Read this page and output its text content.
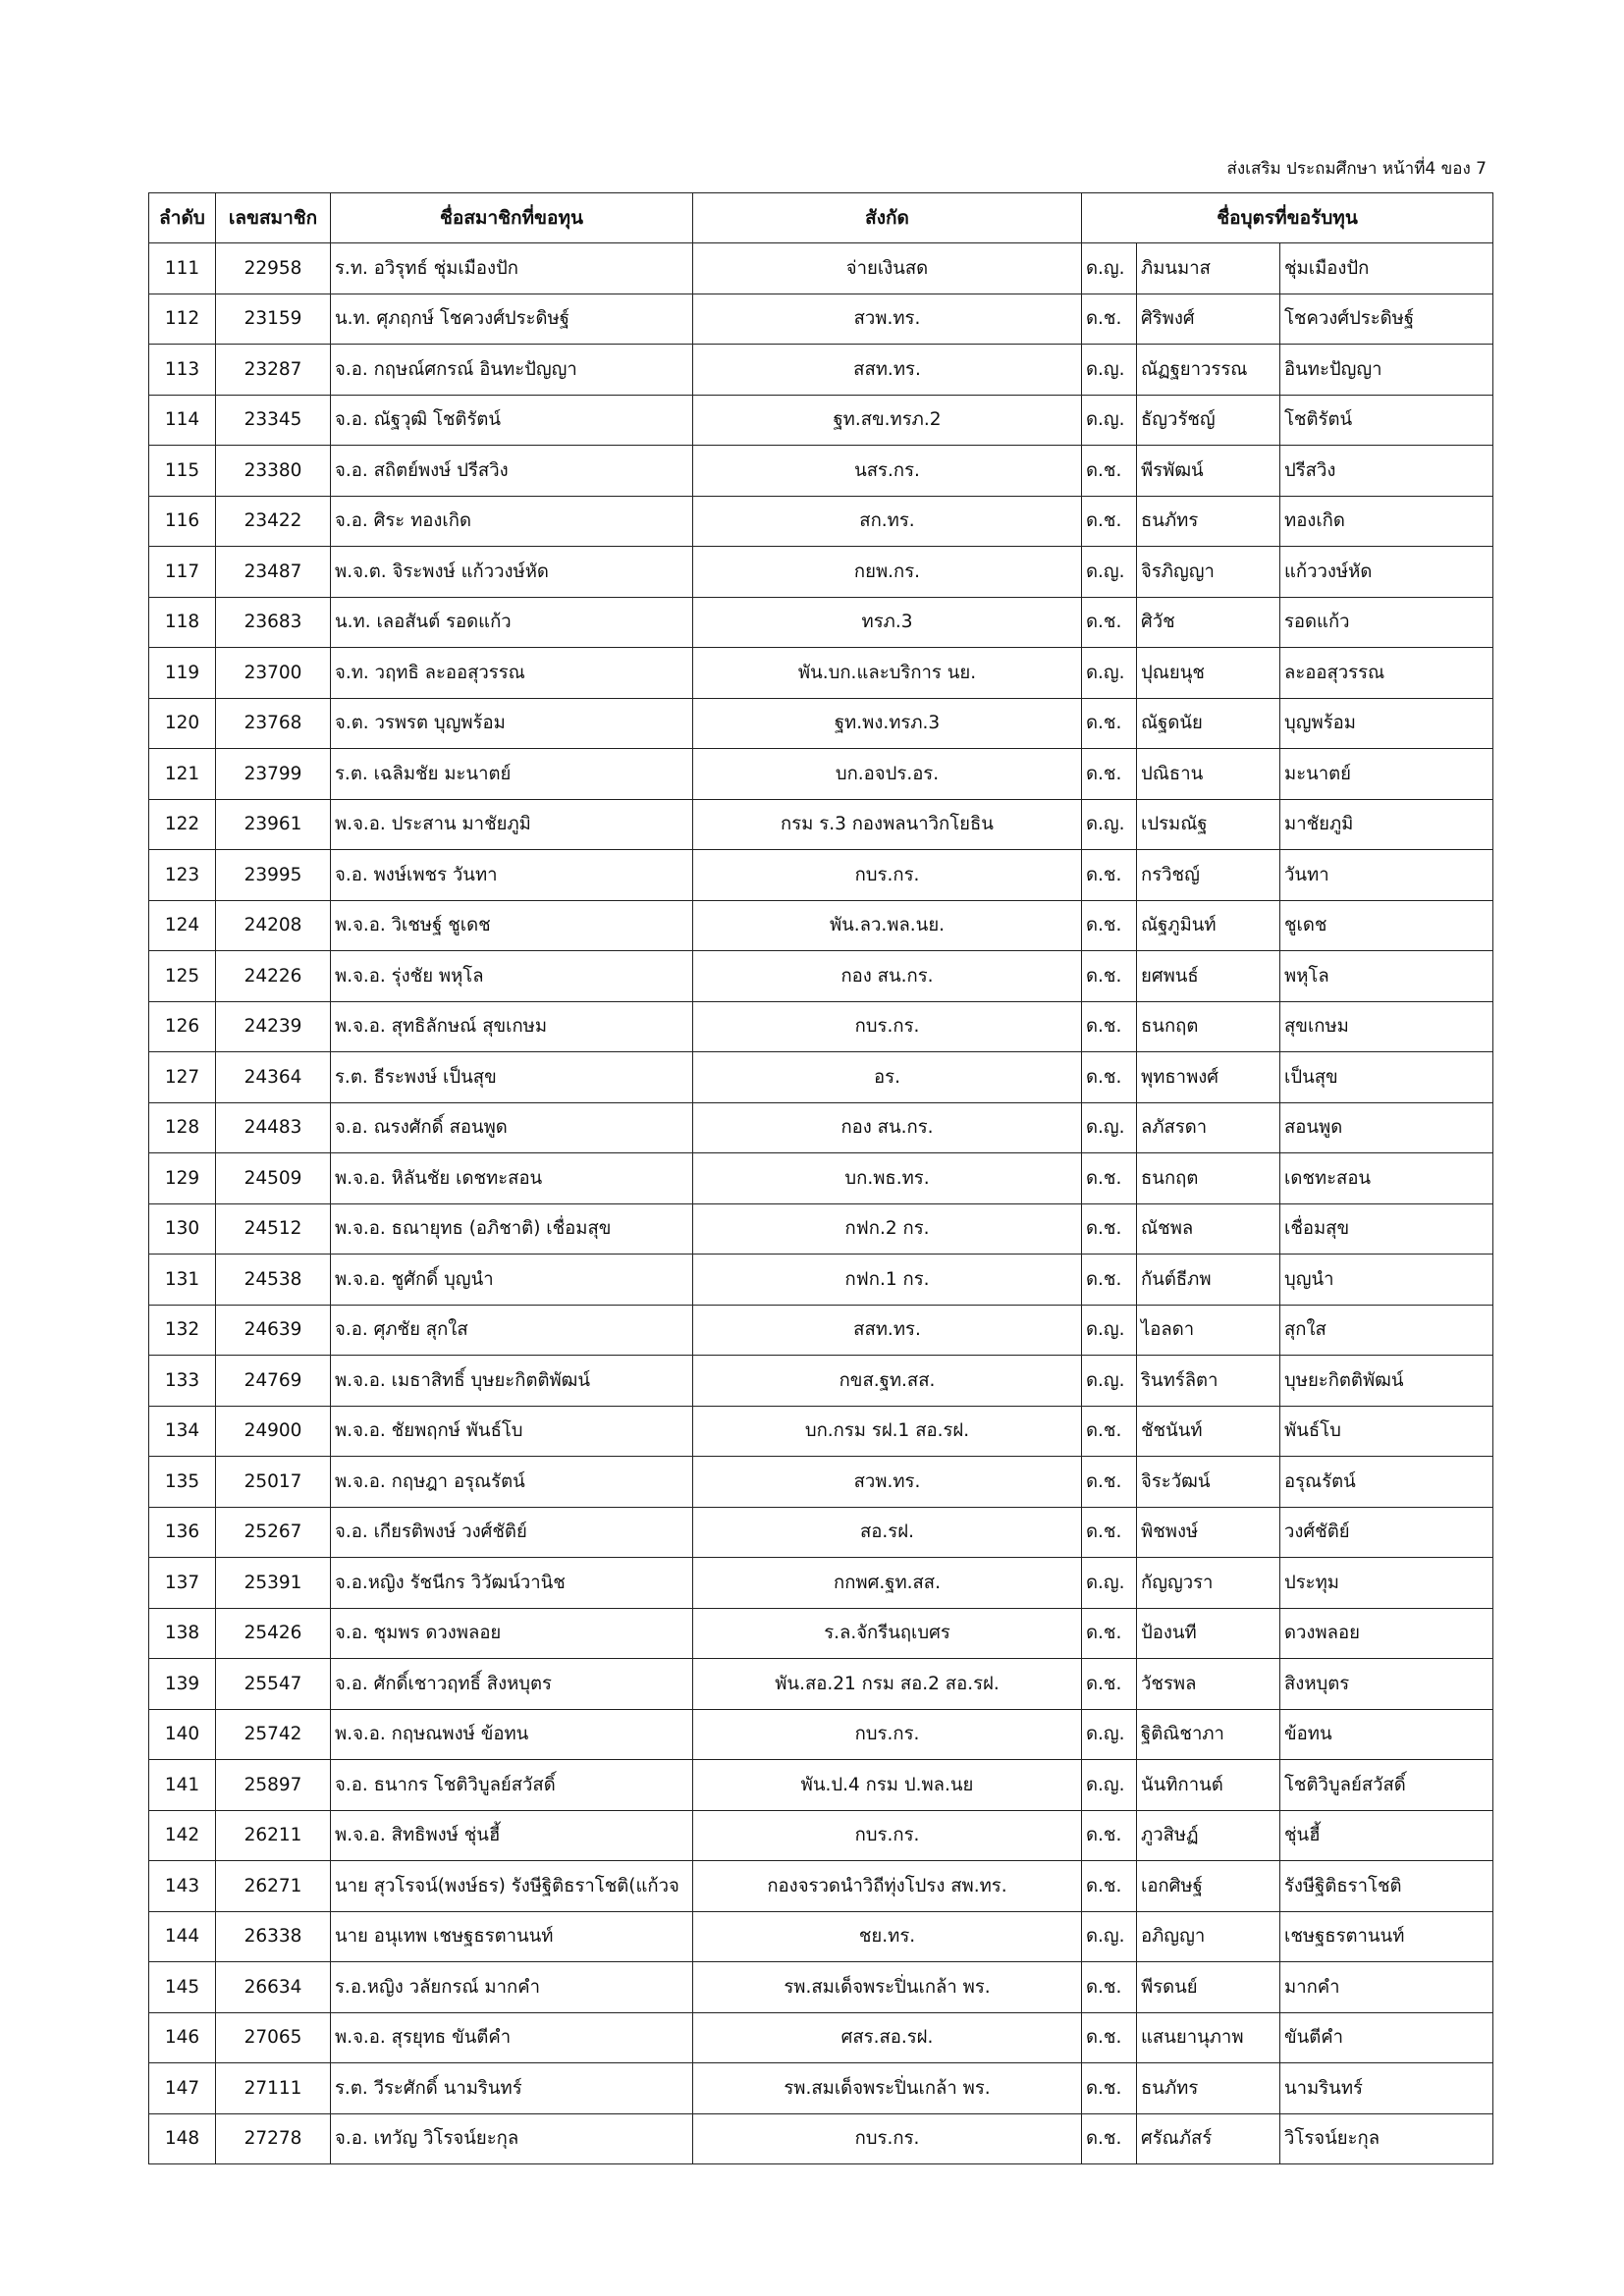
ส่งเสริม ประถมศึกษา หน้าที่4 ของ 7
ลำดับ	เลขสมาชิก	ชื่อสมาชิกที่ขอทุน	สังกัด	ชื่อบุตรที่ขอรับทุน		
111	22958	ร.ท. อวิรุทธ์ ชุ่มเมืองปัก	จ่ายเงินสด	ด.ญ.	ภิมนมาส	ชุ่มเมืองปัก
112	23159	น.ท. ศุภฤกษ์ โชควงศ์ประดิษฐ์	สวพ.ทร.	ด.ช.	ศิริพงศ์	โชควงศ์ประดิษฐ์
113	23287	จ.อ. กฤษณ์ศกรณ์ อินทะปัญญา	สสท.ทร.	ด.ญ.	ณัฏฐยาวรรณ	อินทะปัญญา
114	23345	จ.อ. ณัฐวุฒิ โชติรัตน์	ฐท.สข.ทรภ.2	ด.ญ.	ธัญวรัชญ์	โชติรัตน์
115	23380	จ.อ. สถิตย์พงษ์ ปรีสวิง	นสร.กร.	ด.ช.	พีรพัฒน์	ปรีสวิง
116	23422	จ.อ. ศิระ ทองเกิด	สก.ทร.	ด.ช.	ธนภัทร	ทองเกิด
117	23487	พ.จ.ต. จิระพงษ์ แก้ววงษ์หัด	กยพ.กร.	ด.ญ.	จิรภิญญา	แก้ววงษ์หัด
118	23683	น.ท. เลอสันต์ รอดแก้ว	ทรภ.3	ด.ช.	ศิวัช	รอดแก้ว
119	23700	จ.ท. วฤทธิ ละออสุวรรณ	พัน.บก.และบริการ นย.	ด.ญ.	ปุณยนุช	ละออสุวรรณ
120	23768	จ.ต. วรพรต บุญพร้อม	ฐท.พง.ทรภ.3	ด.ช.	ณัฐดนัย	บุญพร้อม
121	23799	ร.ต. เฉลิมชัย มะนาตย์	บก.อจปร.อร.	ด.ช.	ปณิธาน	มะนาตย์
122	23961	พ.จ.อ. ประสาน มาชัยภูมิ	กรม ร.3 กองพลนาวิกโยธิน	ด.ญ.	เปรมณัฐ	มาชัยภูมิ
123	23995	จ.อ. พงษ์เพชร วันทา	กบร.กร.	ด.ช.	กรวิชญ์	วันทา
124	24208	พ.จ.อ. วิเชษฐ์ ชูเดช	พัน.ลว.พล.นย.	ด.ช.	ณัฐภูมินท์	ชูเดช
125	24226	พ.จ.อ. รุ่งชัย พหุโล	กอง สน.กร.	ด.ช.	ยศพนธ์	พหุโล
126	24239	พ.จ.อ. สุทธิลักษณ์ สุขเกษม	กบร.กร.	ด.ช.	ธนกฤต	สุขเกษม
127	24364	ร.ต. ธีระพงษ์ เป็นสุข	อร.	ด.ช.	พุทธาพงศ์	เป็นสุข
128	24483	จ.อ. ณรงศักดิ์ สอนพูด	กอง สน.กร.	ด.ญ.	ลภัสรดา	สอนพูด
129	24509	พ.จ.อ. หิลันชัย เดชทะสอน	บก.พธ.ทร.	ด.ช.	ธนกฤต	เดชทะสอน
130	24512	พ.จ.อ. ธณายุทธ (อภิชาติ) เชื่อมสุข	กฟก.2 กร.	ด.ช.	ณัชพล	เชื่อมสุข
131	24538	พ.จ.อ. ชูศักดิ์ บุญนำ	กฟก.1 กร.	ด.ช.	กันต์ธีภพ	บุญนำ
132	24639	จ.อ. ศุภชัย สุกใส	สสท.ทร.	ด.ญ.	ไอลดา	สุกใส
133	24769	พ.จ.อ. เมธาสิทธิ์ บุษยะกิตติพัฒน์	กขส.ฐท.สส.	ด.ญ.	รินทร์ลิตา	บุษยะกิตติพัฒน์
134	24900	พ.จ.อ. ชัยพฤกษ์ พันธ์โบ	บก.กรม รฝ.1 สอ.รฝ.	ด.ช.	ชัชนันท์	พันธ์โบ
135	25017	พ.จ.อ. กฤษฎา อรุณรัตน์	สวพ.ทร.	ด.ช.	จิระวัฒน์	อรุณรัตน์
136	25267	จ.อ. เกียรติพงษ์ วงศ์ชัติย์	สอ.รฝ.	ด.ช.	พิชพงษ์	วงศ์ชัติย์
137	25391	จ.อ.หญิง รัชนีกร วิวัฒน์วานิช	กกพศ.ฐท.สส.	ด.ญ.	กัญญวรา	ประทุม
138	25426	จ.อ. ชุมพร ดวงพลอย	ร.ล.จักรีนฤเบศร	ด.ช.	ป้องนที	ดวงพลอย
139	25547	จ.อ. ศักดิ์เชาวฤทธิ์ สิงหบุตร	พัน.สอ.21 กรม สอ.2 สอ.รฝ.	ด.ช.	วัชรพล	สิงหบุตร
140	25742	พ.จ.อ. กฤษณพงษ์ ข้อทน	กบร.กร.	ด.ญ.	ฐิติณิชาภา	ข้อทน
141	25897	จ.อ. ธนากร โชติวิบูลย์สวัสดิ์	พัน.ป.4 กรม ป.พล.นย	ด.ญ.	นันทิกานต์	โชติวิบูลย์สวัสดิ์
142	26211	พ.จ.อ. สิทธิพงษ์ ชุ่นฮี้	กบร.กร.	ด.ช.	ภูวสิษฏ์	ชุ่นฮี้
143	26271	นาย สุวโรจน์(พงษ์ธร) รังษีฐิติธราโชติ(แก้วจ	กองจรวดนำวิถีทุ่งโปรง สพ.ทร.	ด.ช.	เอกศิษฐ์	รังษีฐิติธราโชติ
144	26338	นาย อนุเทพ เชษฐธรตานนท์	ชย.ทร.	ด.ญ.	อภิญญา	เชษฐธรตานนท์
145	26634	ร.อ.หญิง วลัยกรณ์ มากคำ	รพ.สมเด็จพระปิ่นเกล้า พร.	ด.ช.	พีรดนย์	มากคำ
146	27065	พ.จ.อ. สุรยุทธ ขันตีคำ	ศสร.สอ.รฝ.	ด.ช.	แสนยานุภาพ	ขันตีคำ
147	27111	ร.ต. วีระศักดิ์ นามรินทร์	รพ.สมเด็จพระปิ่นเกล้า พร.	ด.ช.	ธนภัทร	นามรินทร์
148	27278	จ.อ. เทวัญ วิโรจน์ยะกุล	กบร.กร.	ด.ช.	ศรัณภัสร์	วิโรจน์ยะกุล
